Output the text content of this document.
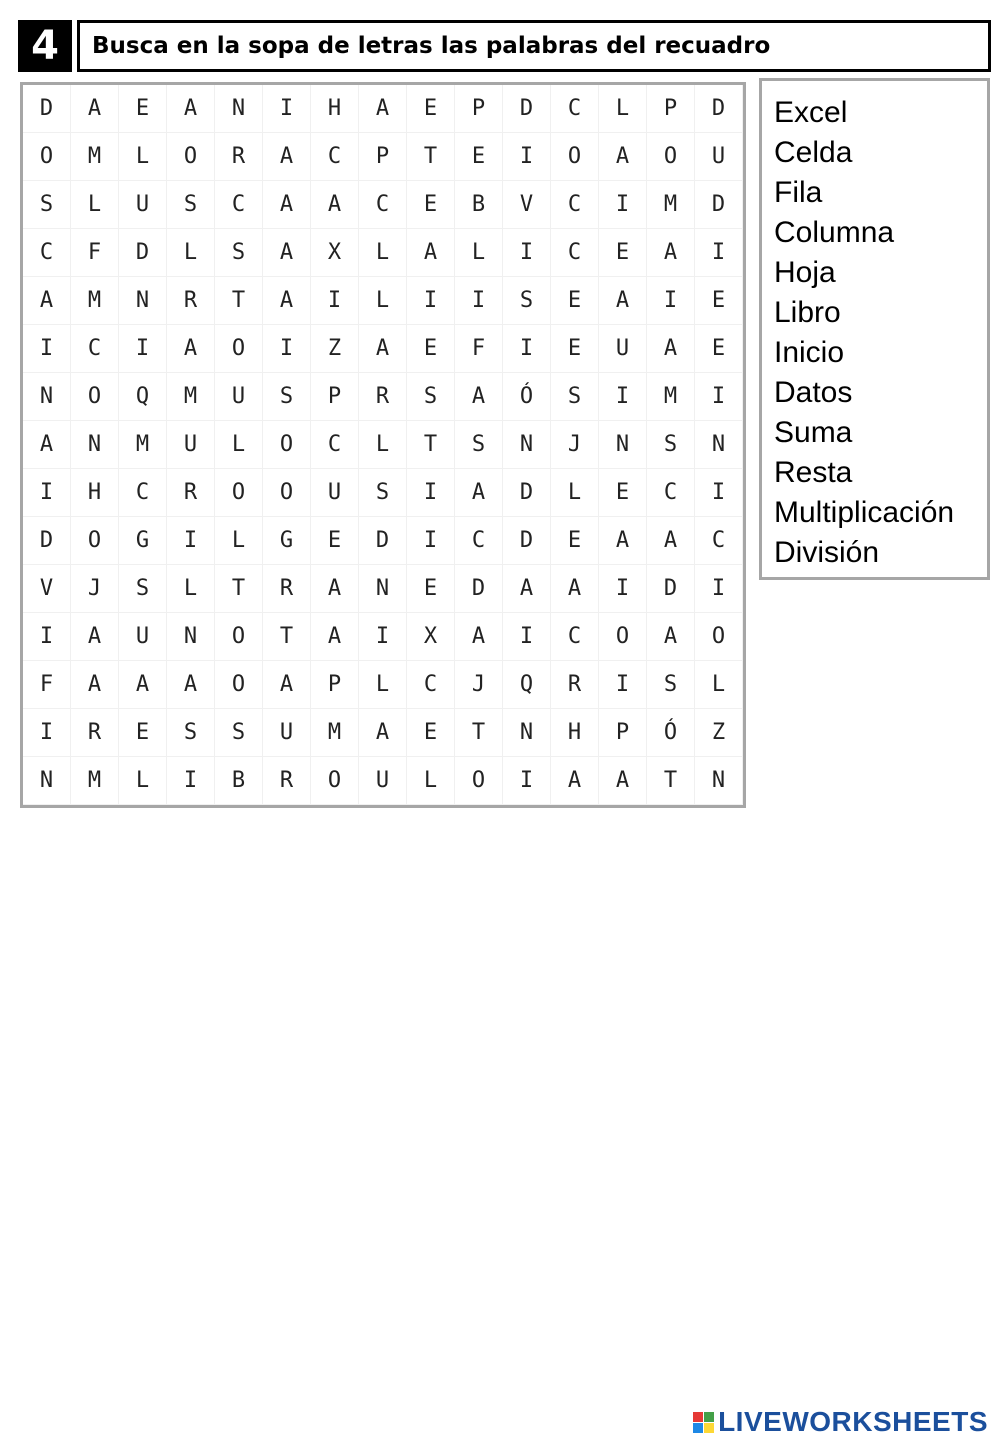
4	Busca en la sopa de letras las palabras del recuadro
D	A	E	A	N	I	H	A	E	P	D	C	L	P	D
O	M	L	O	R	A	C	P	T	E	I	O	A	O	U
S	L	U	S	C	A	A	C	E	B	V	C	I	M	D
C	F	D	L	S	A	X	L	A	L	I	C	E	A	I
A	M	N	R	T	A	I	L	I	I	S	E	A	I	E
I	C	I	A	O	I	Z	A	E	F	I	E	U	A	E
N	O	Q	M	U	S	P	R	S	A	Ó	S	I	M	I
A	N	M	U	L	O	C	L	T	S	N	J	N	S	N
I	H	C	R	O	O	U	S	I	A	D	L	E	C	I
D	O	G	I	L	G	E	D	I	C	D	E	A	A	C
V	J	S	L	T	R	A	N	E	D	A	A	I	D	I
I	A	U	N	O	T	A	I	X	A	I	C	O	A	O
F	A	A	A	O	A	P	L	C	J	Q	R	I	S	L
I	R	E	S	S	U	M	A	E	T	N	H	P	Ó	Z
N	M	L	I	B	R	O	U	L	O	I	A	A	T	N
Excel
Celda
Fila
Columna
Hoja
Libro
Inicio
Datos
Suma
Resta
Multiplicación
División
LIVEWORKSHEETS
